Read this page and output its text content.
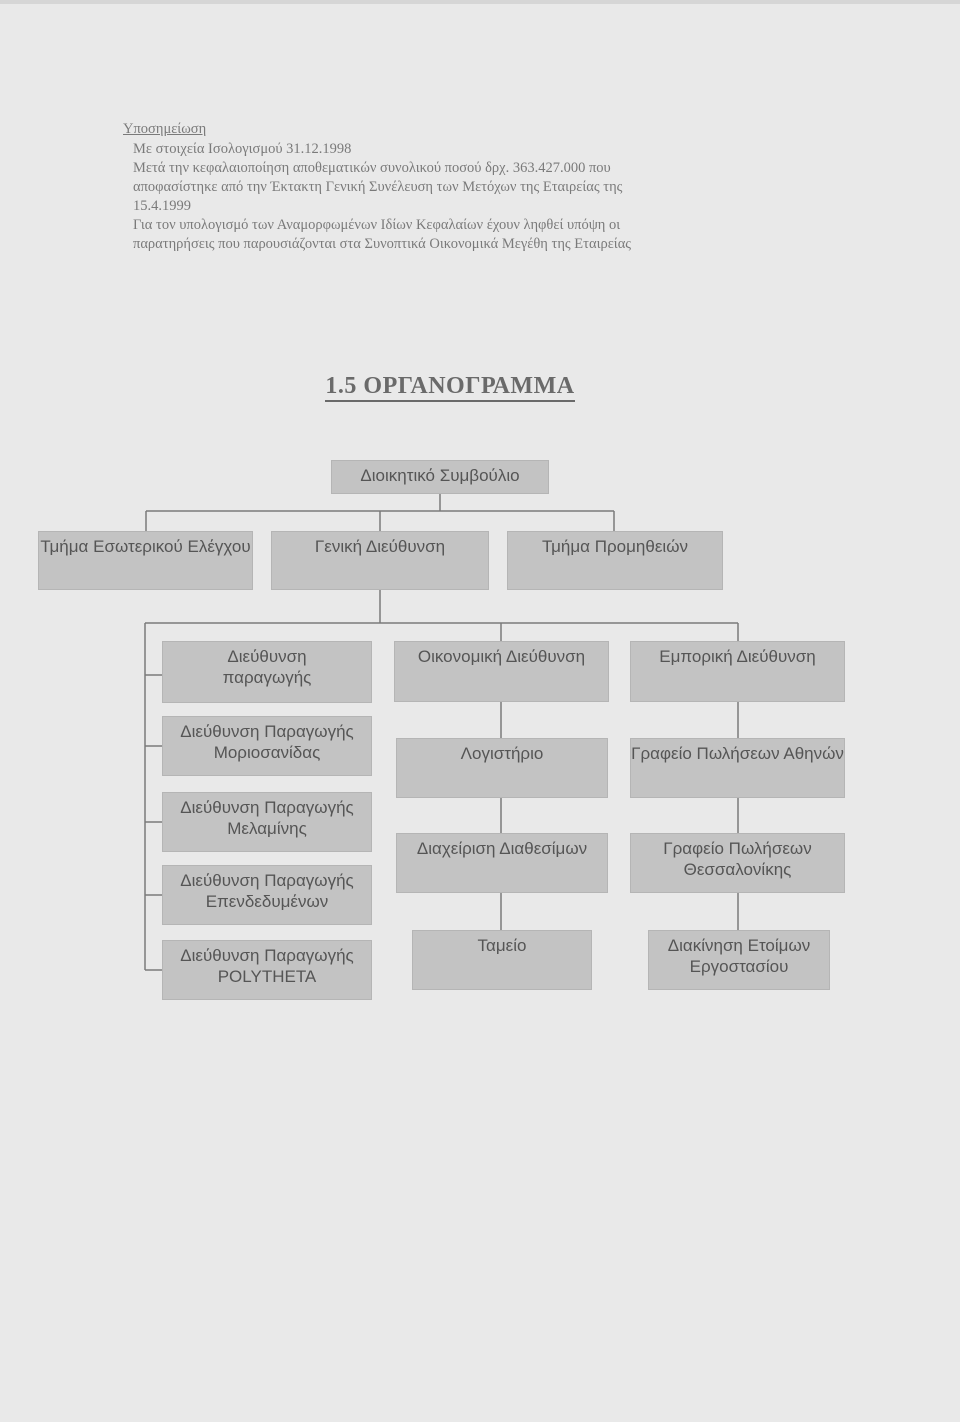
Υποσημείωση
Με στοιχεία Ισολογισμού 31.12.1998
Μετά την κεφαλαιοποίηση αποθεματικών συνολικού ποσού δρχ. 363.427.000 που
αποφασίστηκε από την Έκτακτη Γενική Συνέλευση των Μετόχων της Εταιρείας της
15.4.1999
Για τον υπολογισμό των Αναμορφωμένων Ιδίων Κεφαλαίων έχουν ληφθεί υπόψη οι
παρατηρήσεις που παρουσιάζονται στα Συνοπτικά Οικονομικά Μεγέθη της Εταιρείας
1.5 ΟΡΓΑΝΟΓΡΑΜΜΑ
Διοικητικό Συμβούλιο
Τμήμα Εσωτερικού Ελέγχου	Γενική Διεύθυνση	Τμήμα Προμηθειών
Διεύθυνση παραγωγής
Οικονομική Διεύθυνση	Εμπορική Διεύθυνση
Διεύθυνση Παραγωγής Μοριοσανίδας
Διεύθυνση Παραγωγής Μελαμίνης
Διεύθυνση Παραγωγής Επενδεδυμένων
Διεύθυνση Παραγωγής POLYTHETA
Λογιστήριο
Διαχείριση Διαθεσίμων
Ταμείο
Γραφείο Πωλήσεων Αθηνών
Γραφείο Πωλήσεων Θεσσαλονίκης
Διακίνηση Ετοίμων Εργοστασίου
